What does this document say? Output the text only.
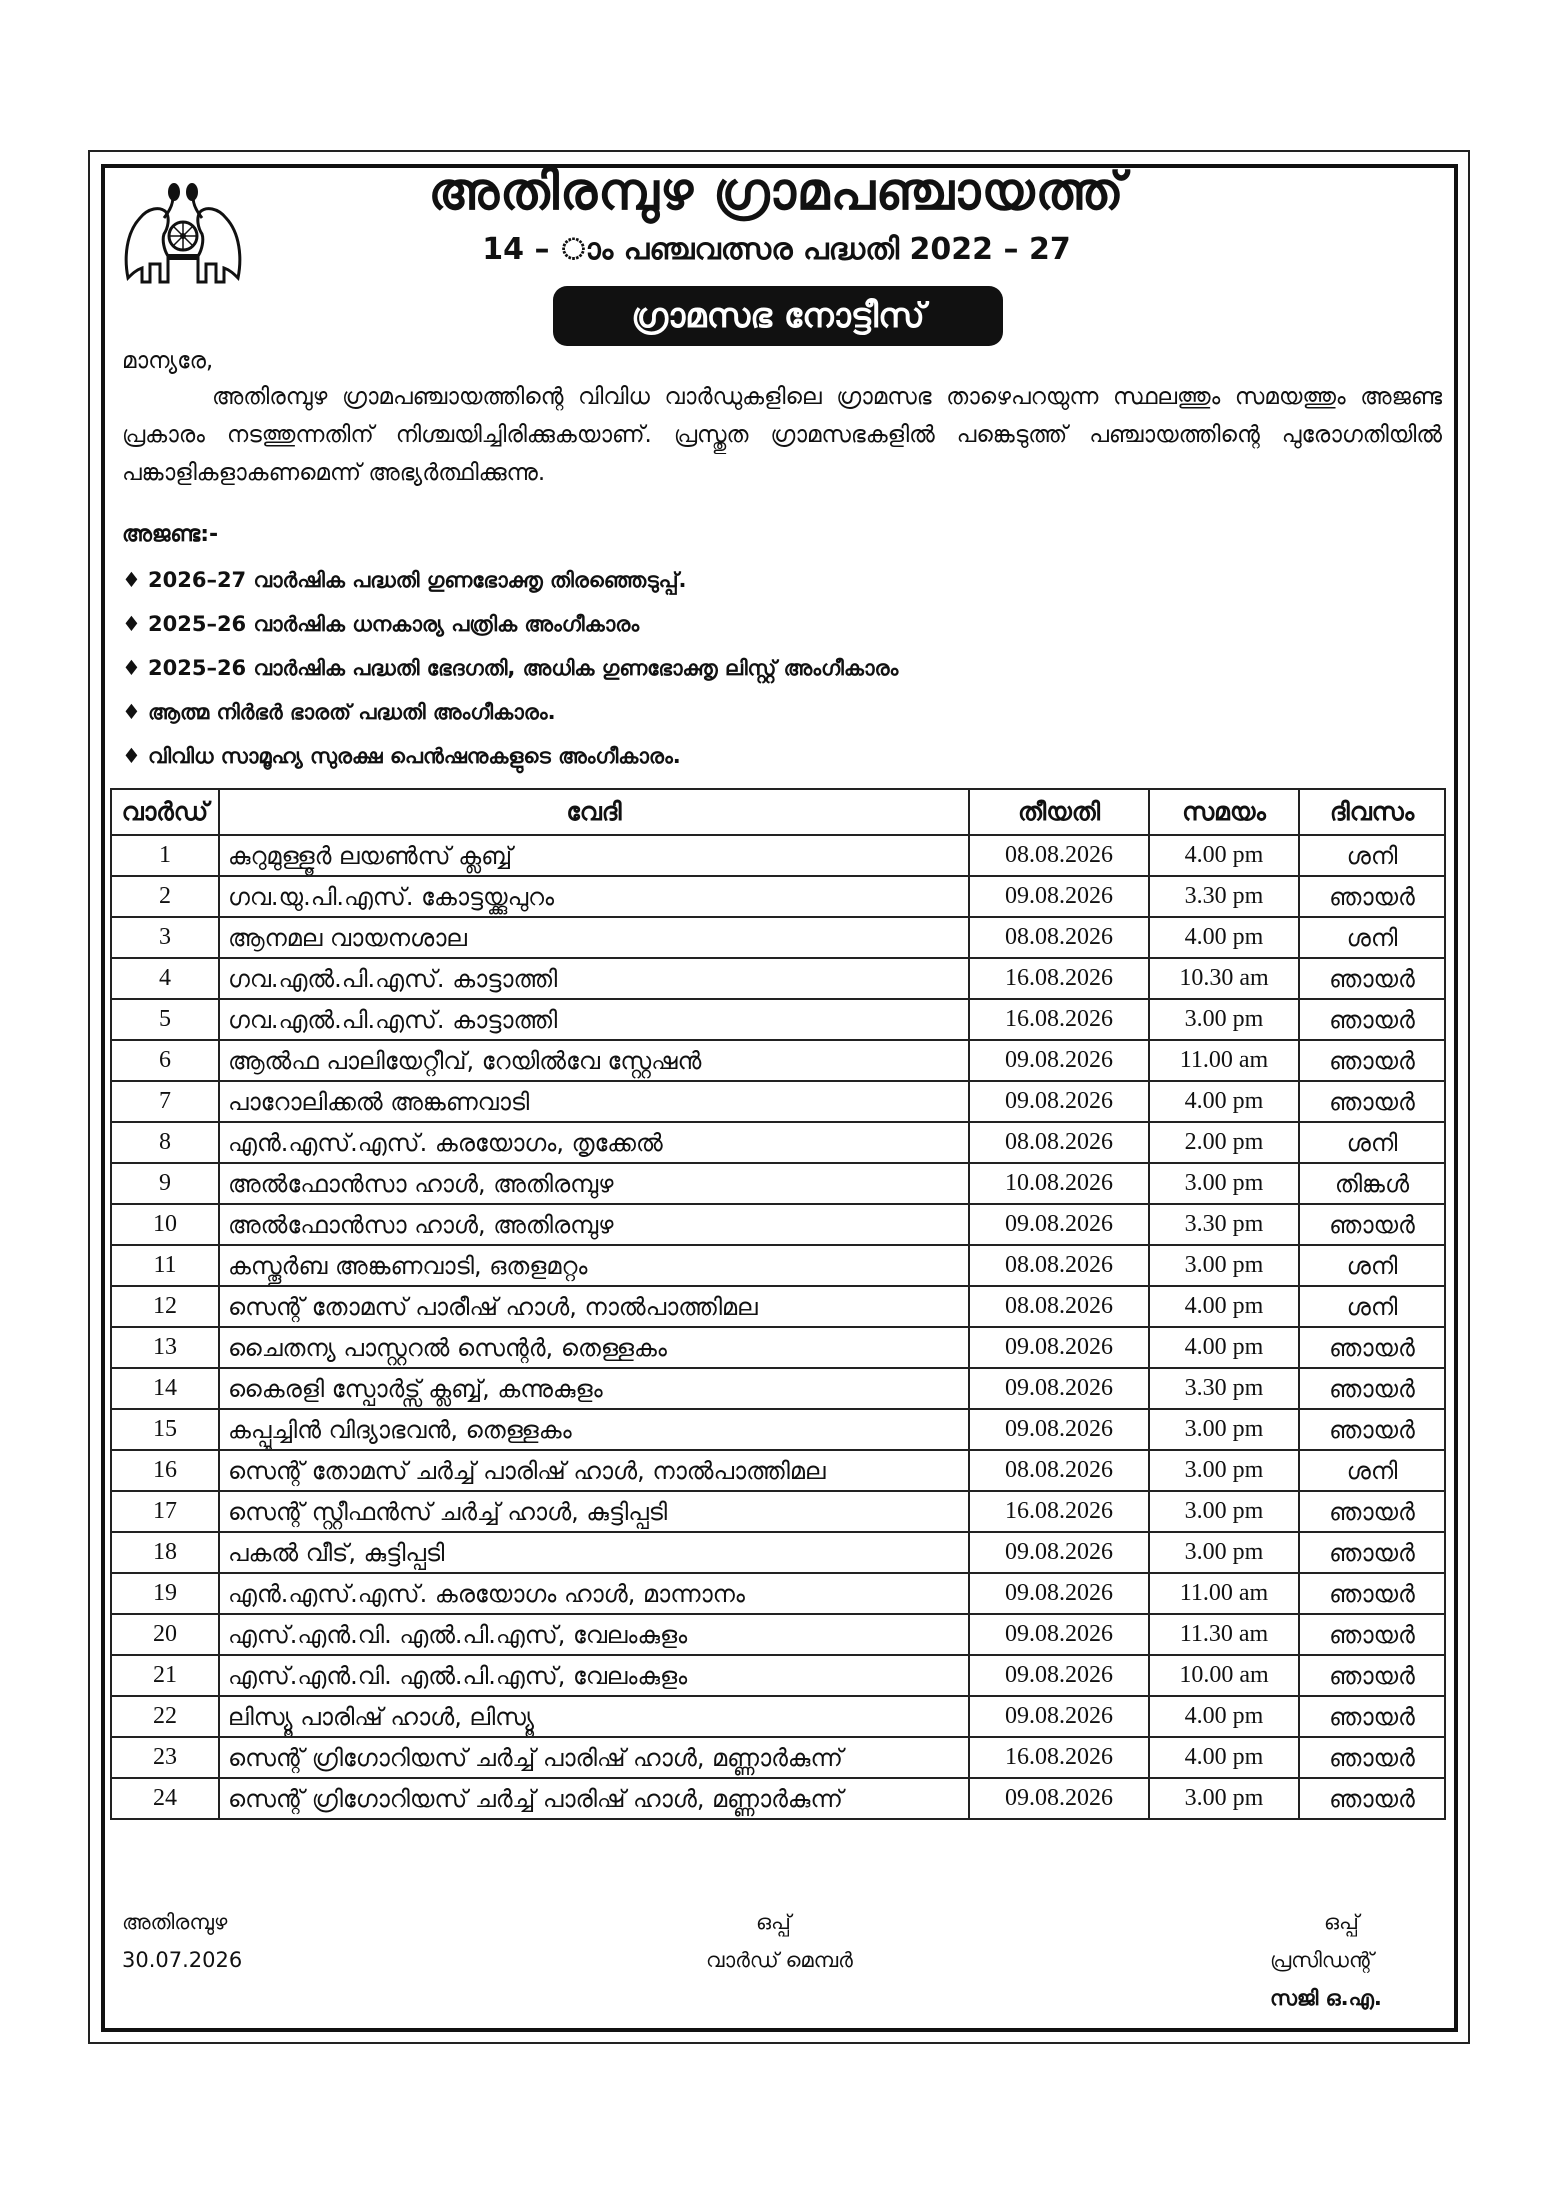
അതിരമ്പുഴ ഗ്രാമപഞ്ചായത്ത്
14 – ാം പഞ്ചവത്സര പദ്ധതി 2022 – 27
ഗ്രാമസഭ നോട്ടീസ്
മാന്യരേ,
അതിരമ്പുഴ ഗ്രാമപഞ്ചായത്തിന്റെ വിവിധ വാർഡുകളിലെ ഗ്രാമസഭ താഴെപറയുന്ന സ്ഥലത്തും സമയത്തും അജണ്ട പ്രകാരം നടത്തുന്നതിന് നിശ്ചയിച്ചിരിക്കുകയാണ്. പ്രസ്തുത ഗ്രാമസഭകളിൽ പങ്കെടുത്ത് പഞ്ചായത്തിന്റെ പുരോഗതിയിൽ പങ്കാളികളാകണമെന്ന് അഭ്യർത്ഥിക്കുന്നു.
അജണ്ട:-
♦ 2026–27 വാർഷിക പദ്ധതി ഗുണഭോക്തൃ തിരഞ്ഞെടുപ്പ്.
♦ 2025–26 വാർഷിക ധനകാര്യ പത്രിക അംഗീകാരം
♦ 2025–26 വാർഷിക പദ്ധതി ഭേദഗതി, അധിക ഗുണഭോക്തൃ ലിസ്റ്റ് അംഗീകാരം
♦ ആത്മ നിർഭർ ഭാരത് പദ്ധതി അംഗീകാരം.
♦ വിവിധ സാമൂഹ്യ സുരക്ഷ പെൻഷനുകളുടെ അംഗീകാരം.
വാർഡ്	വേദി	തീയതി	സമയം	ദിവസം
1	കുറുമുള്ളൂർ ലയൺസ് ക്ലബ്ബ്	08.08.2026	4.00 pm	ശനി
2	ഗവ.യു.പി.എസ്. കോട്ടയ്ക്കുപുറം	09.08.2026	3.30 pm	ഞായർ
3	ആനമല വായനശാല	08.08.2026	4.00 pm	ശനി
4	ഗവ.എൽ.പി.എസ്. കാട്ടാത്തി	16.08.2026	10.30 am	ഞായർ
5	ഗവ.എൽ.പി.എസ്. കാട്ടാത്തി	16.08.2026	3.00 pm	ഞായർ
6	ആൽഫ പാലിയേറ്റീവ്, റേയിൽവേ സ്റ്റേഷൻ	09.08.2026	11.00 am	ഞായർ
7	പാറോലിക്കൽ അങ്കണവാടി	09.08.2026	4.00 pm	ഞായർ
8	എൻ.എസ്.എസ്. കരയോഗം, തൃക്കേൽ	08.08.2026	2.00 pm	ശനി
9	അൽഫോൻസാ ഹാൾ, അതിരമ്പുഴ	10.08.2026	3.00 pm	തിങ്കൾ
10	അൽഫോൻസാ ഹാൾ, അതിരമ്പുഴ	09.08.2026	3.30 pm	ഞായർ
11	കസ്തൂർബ അങ്കണവാടി, ഒതളമറ്റം	08.08.2026	3.00 pm	ശനി
12	സെന്റ് തോമസ് പാരീഷ് ഹാൾ, നാൽപാത്തിമല	08.08.2026	4.00 pm	ശനി
13	ചൈതന്യ പാസ്റ്ററൽ സെന്റർ, തെള്ളകം	09.08.2026	4.00 pm	ഞായർ
14	കൈരളി സ്പോർട്സ് ക്ലബ്ബ്, കന്നുകുളം	09.08.2026	3.30 pm	ഞായർ
15	കപ്പൂച്ചിൻ വിദ്യാഭവൻ, തെള്ളകം	09.08.2026	3.00 pm	ഞായർ
16	സെന്റ് തോമസ് ചർച്ച് പാരിഷ് ഹാൾ, നാൽപാത്തിമല	08.08.2026	3.00 pm	ശനി
17	സെന്റ് സ്റ്റീഫൻസ് ചർച്ച് ഹാൾ, കുട്ടിപ്പടി	16.08.2026	3.00 pm	ഞായർ
18	പകൽ വീട്, കുട്ടിപ്പടി	09.08.2026	3.00 pm	ഞായർ
19	എൻ.എസ്.എസ്. കരയോഗം ഹാൾ, മാന്നാനം	09.08.2026	11.00 am	ഞായർ
20	എസ്.എൻ.വി. എൽ.പി.എസ്, വേലംകുളം	09.08.2026	11.30 am	ഞായർ
21	എസ്.എൻ.വി. എൽ.പി.എസ്, വേലംകുളം	09.08.2026	10.00 am	ഞായർ
22	ലിസ്യൂ പാരിഷ് ഹാൾ, ലിസ്യൂ	09.08.2026	4.00 pm	ഞായർ
23	സെന്റ് ഗ്രിഗോറിയസ് ചർച്ച് പാരിഷ് ഹാൾ, മണ്ണാർകുന്ന്	16.08.2026	4.00 pm	ഞായർ
24	സെന്റ് ഗ്രിഗോറിയസ് ചർച്ച് പാരിഷ് ഹാൾ, മണ്ണാർകുന്ന്	09.08.2026	3.00 pm	ഞായർ
അതിരമ്പുഴ
30.07.2026
ഒപ്പ്
വാർഡ് മെമ്പർ
ഒപ്പ്
പ്രസിഡന്റ്
സജി ഒ.എ.
